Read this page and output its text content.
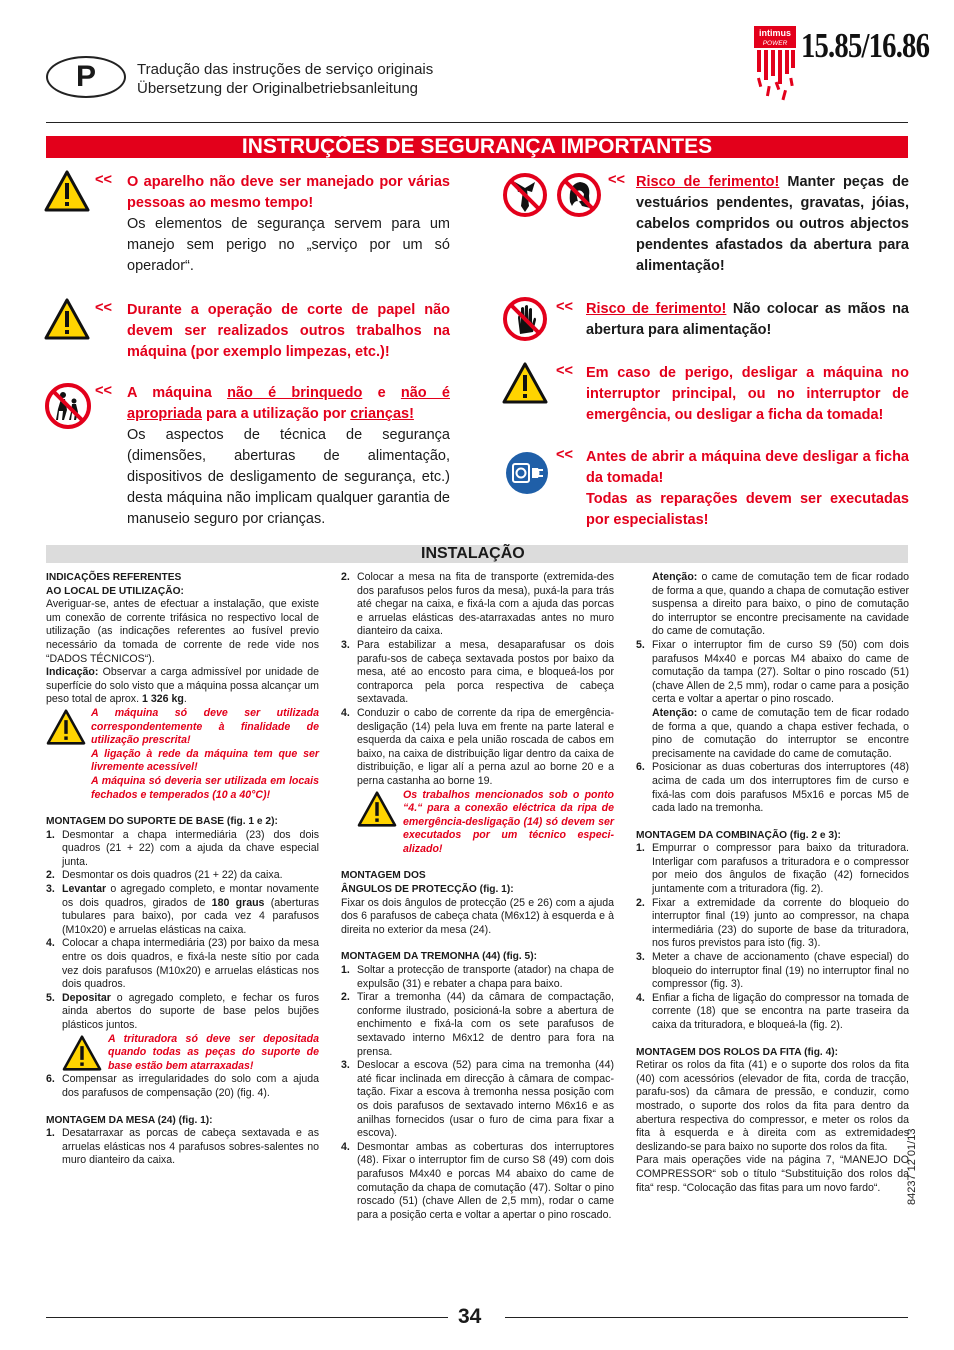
P	Tradução das instruções de serviço originais
Übersetzung der Originalbetriebsanleitung
intimus
POWER 15.85/16.86
INSTRUÇÕES DE SEGURANÇA IMPORTANTES
<< O aparelho não deve ser manejado por várias pessoas ao mesmo tempo!
Os elementos de segurança servem para um manejo sem perigo no „serviço por um só operador“.
<< Durante a operação de corte de papel não devem ser realizados outros trabalhos na máquina (por exemplo limpezas, etc.)!
<< A máquina não é brinquedo e não é apropriada para a utilização por crianças!
Os aspectos de técnica de segurança (dimensões, aberturas de alimentação, dispositivos de desligamento de segurança, etc.) desta máquina não implicam qualquer garantia de manuseio seguro por crianças.
<< Risco de ferimento! Manter peças de vestuários pendentes, gravatas, jóias, cabelos compridos ou outros abjectos pendentes afastados da abertura para alimentação!
<< Risco de ferimento! Não colocar as mãos na abertura para alimentação!
<< Em caso de perigo, desligar a máquina no interruptor principal, ou no interruptor de emergência, ou desligar a ficha da tomada!
<< Antes de abrir a máquina deve desligar a ficha da tomada!
Todas as reparações devem ser executadas por especialistas!
INSTALAÇÃO
INDICAÇÕES REFERENTES
AO LOCAL DE UTILIZAÇÃO:
Averiguar-se, antes de efectuar a instalação, que existe um conexão de corrente trifásica no respectivo local de utilização (as indicações referentes ao fusível previo necessário da tomada de corrente de rede vide nos “DADOS TÉCNICOS“).
Indicação: Observar a carga admissível por unidade de superfície do solo visto que a máquina possa alcançar um peso total de aprox. 1 326 kg.
A máquina só deve ser utilizada correspondentemente à finalidade de utilização prescrita!
A ligação à rede da máquina tem que ser livremente acessível!
A máquina só deveria ser utilizada em locais fechados e temperados (10 a 40°C)!
MONTAGEM DO SUPORTE DE BASE (fig. 1 e 2):
1. Desmontar a chapa intermediária (23) dos dois quadros (21 + 22) com a ajuda da chave especial junta.
2. Desmontar os dois quadros (21 + 22) da caixa.
3. Levantar o agregado completo, e montar novamente os dois quadros, girados de 180 graus (aberturas tubulares para baixo), por cada vez 4 parafusos (M10x20) e arruelas elásticas na caixa.
4. Colocar a chapa intermediária (23) por baixo da mesa entre os dois quadros, e fixá-la neste sítio por cada vez dois parafusos (M10x20) e arruelas elásticas nos dois quadros.
5. Depositar o agregado completo, e fechar os furos ainda abertos do suporte de base pelos bujões plásticos juntos.
A trituradora só deve ser depositada quando todas as peças do suporte de base estão bem atarraxadas!
6. Compensar as irregularidades do solo com a ajuda dos parafusos de compensação (20) (fig. 4).
MONTAGEM DA MESA (24) (fig. 1):
1. Desatarraxar as porcas de cabeça sextavada e as arruelas elásticas nos 4 parafusos sobres-salentes no muro dianteiro da caixa.
2. Colocar a mesa na fita de transporte (extremida-des dos parafusos pelos furos da mesa), puxá-la para trás até chegar na caixa, e fixá-la com a ajuda das porcas e arruelas elásticas des-atarraxadas antes no muro dianteiro da caixa.
3. Para estabilizar a mesa, desaparafusar os dois parafu-sos de cabeça sextavada postos por baixo da mesa, até ao encosto para cima, e bloqueá-los por contraporca pela porca respectiva de cabeça sextavada.
4. Conduzir o cabo de corrente da ripa de emergência-desligação (14) pela luva em frente na parte lateral e esquerda da caixa e pela união roscada de cabos em baixo, na caixa de distribuição ligar dentro da caixa de distribuição, e ligar alí a perna azul ao borne 20 e a perna castanha ao borne 19.
Os trabalhos mencionados sob o ponto “4.“ para a conexão eléctrica da ripa de emergência-desligação (14) só devem ser executados por um técnico especi-alizado!
MONTAGEM DOS
ÂNGULOS DE PROTECÇÃO (fig. 1):
Fixar os dois ângulos de protecção (25 e 26) com a ajuda dos 6 parafusos de cabeça chata (M6x12) à esquerda e à direita no exterior da mesa (24).
MONTAGEM DA TREMONHA (44) (fig. 5):
1. Soltar a protecção de transporte (atador) na chapa de expulsão (31) e rebater a chapa para baixo.
2. Tirar a tremonha (44) da câmara de compactação, conforme ilustrado, posicioná-la sobre a abertura de enchimento e fixá-la com os sete parafusos de sextavado interno M6x12 de dentro para fora na prensa.
3. Deslocar a escova (52) para cima na tremonha (44) até ficar inclinada em direcção à câmara de compac-tação. Fixar a escova à tremonha nessa posição com os dois parafusos de sextavado interno M6x16 e as anilhas fornecidos (usar o furo de cima para fixar a escova).
4. Desmontar ambas as coberturas dos interruptores (48). Fixar o interruptor fim de curso S8 (49) com dois parafusos M4x40 e porcas M4 abaixo do came de comutação da chapa de comutação (47). Soltar o pino roscado (51) (chave Allen de 2,5 mm), rodar o came para a posição certa e voltar a apertar o pino roscado.
Atenção: o came de comutação tem de ficar rodado de forma a que, quando a chapa de comutação estiver suspensa a direito para baixo, o pino de comutação do interruptor se encontre precisamente na cavidade do came de comutação.
5. Fixar o interruptor fim de curso S9 (50) com dois parafusos M4x40 e porcas M4 abaixo do came de comutação da tampa (27). Soltar o pino roscado (51) (chave Allen de 2,5 mm), rodar o came para a posição certa e voltar a apertar o pino roscado.
Atenção: o came de comutação tem de ficar rodado de forma a que, quando a chapa estiver fechada, o pino de comutação do interruptor se encontre precisamente na cavidade do came de comutação.
6. Posicionar as duas coberturas dos interruptores (48) acima de cada um dos interruptores fim de curso e fixá-las com dois parafusos M5x16 e porcas M5 de cada lado na tremonha.
MONTAGEM DA COMBINAÇÃO (fig. 2 e 3):
1. Empurrar o compressor para baixo da trituradora. Interligar com parafusos a trituradora e o compressor por meio dos ângulos de fixação (42) fornecidos juntamente com a trituradora (fig. 2).
2. Fixar a extremidade da corrente do bloqueio do interruptor final (19) junto ao compressor, na chapa intermediária (23) do suporte de base da trituradora, nos furos previstos para isto (fig. 3).
3. Meter a chave de accionamento (chave especial) do bloqueio do interruptor final (19) no interruptor final no compressor (fig. 3).
4. Enfiar a ficha de ligação do compressor na tomada de corrente (18) que se encontra na parte traseira da caixa da trituradora, e bloqueá-la (fig. 2).
MONTAGEM DOS ROLOS DA FITA (fig. 4):
Retirar os rolos da fita (41) e o suporte dos rolos da fita (40) com acessórios (elevador de fita, corda de tracção, parafu-sos) da câmara de pressão, e conduzir, como mostrado, o suporte dos rolos da fita para dentro da abertura respectiva do compressor, e meter os rolos da fita à esquerda e à direita com as extremidades deslizando-se para baixo no suporte dos rolos da fita.
Para mais operações vide na página 7, “MANEJO DO COMPRESSOR“ sob o título “Substituição dos rolos da fita“ resp. “Colocação das fitas para um novo fardo“.	84237 12 01/13
34
